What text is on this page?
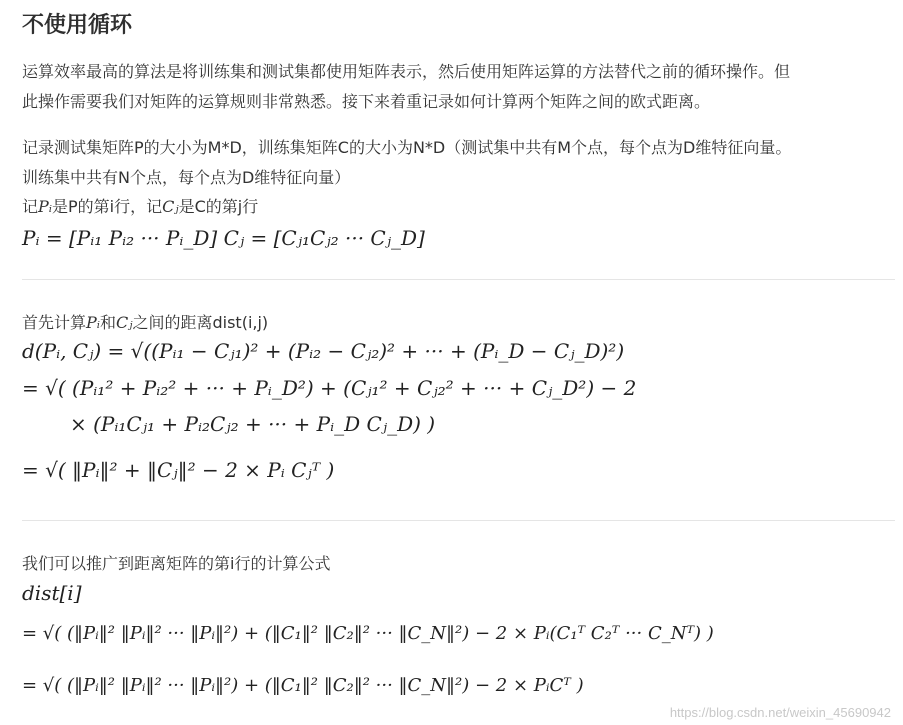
不使用循环

运算效率最高的算法是将训练集和测试集都使用矩阵表示，然后使用矩阵运算的方法替代之前的循环操作。但

此操作需要我们对矩阵的运算规则非常熟悉。接下来着重记录如何计算两个矩阵之间的欧式距离。

记录测试集矩阵P的大小为M*D，训练集矩阵C的大小为N*D（测试集中共有M个点，每个点为D维特征向量。

训练集中共有N个点，每个点为D维特征向量）

记Pᵢ是P的第i行，记Cⱼ是C的第j行

Pᵢ = [Pᵢ₁ Pᵢ₂ ··· Pᵢ_D] Cⱼ = [Cⱼ₁Cⱼ₂ ··· Cⱼ_D]

首先计算Pᵢ和Cⱼ之间的距离dist(i,j)

d(Pᵢ, Cⱼ) = √((Pᵢ₁ − Cⱼ₁)² + (Pᵢ₂ − Cⱼ₂)² + ··· + (Pᵢ_D − Cⱼ_D)²)

= √( (Pᵢ₁² + Pᵢ₂² + ··· + Pᵢ_D²) + (Cⱼ₁² + Cⱼ₂² + ··· + Cⱼ_D²) − 2

× (Pᵢ₁Cⱼ₁ + Pᵢ₂Cⱼ₂ + ··· + Pᵢ_D Cⱼ_D) )

= √( ‖Pᵢ‖² + ‖Cⱼ‖² − 2 × Pᵢ Cⱼᵀ )

我们可以推广到距离矩阵的第i行的计算公式

dist[i]

= √( (‖Pᵢ‖² ‖Pᵢ‖² ··· ‖Pᵢ‖²) + (‖C₁‖² ‖C₂‖² ··· ‖C_N‖²) − 2 × Pᵢ(C₁ᵀ C₂ᵀ ··· C_Nᵀ) )

= √( (‖Pᵢ‖² ‖Pᵢ‖² ··· ‖Pᵢ‖²) + (‖C₁‖² ‖C₂‖² ··· ‖C_N‖²) − 2 × PᵢCᵀ )

https://blog.csdn.net/weixin_45690942
